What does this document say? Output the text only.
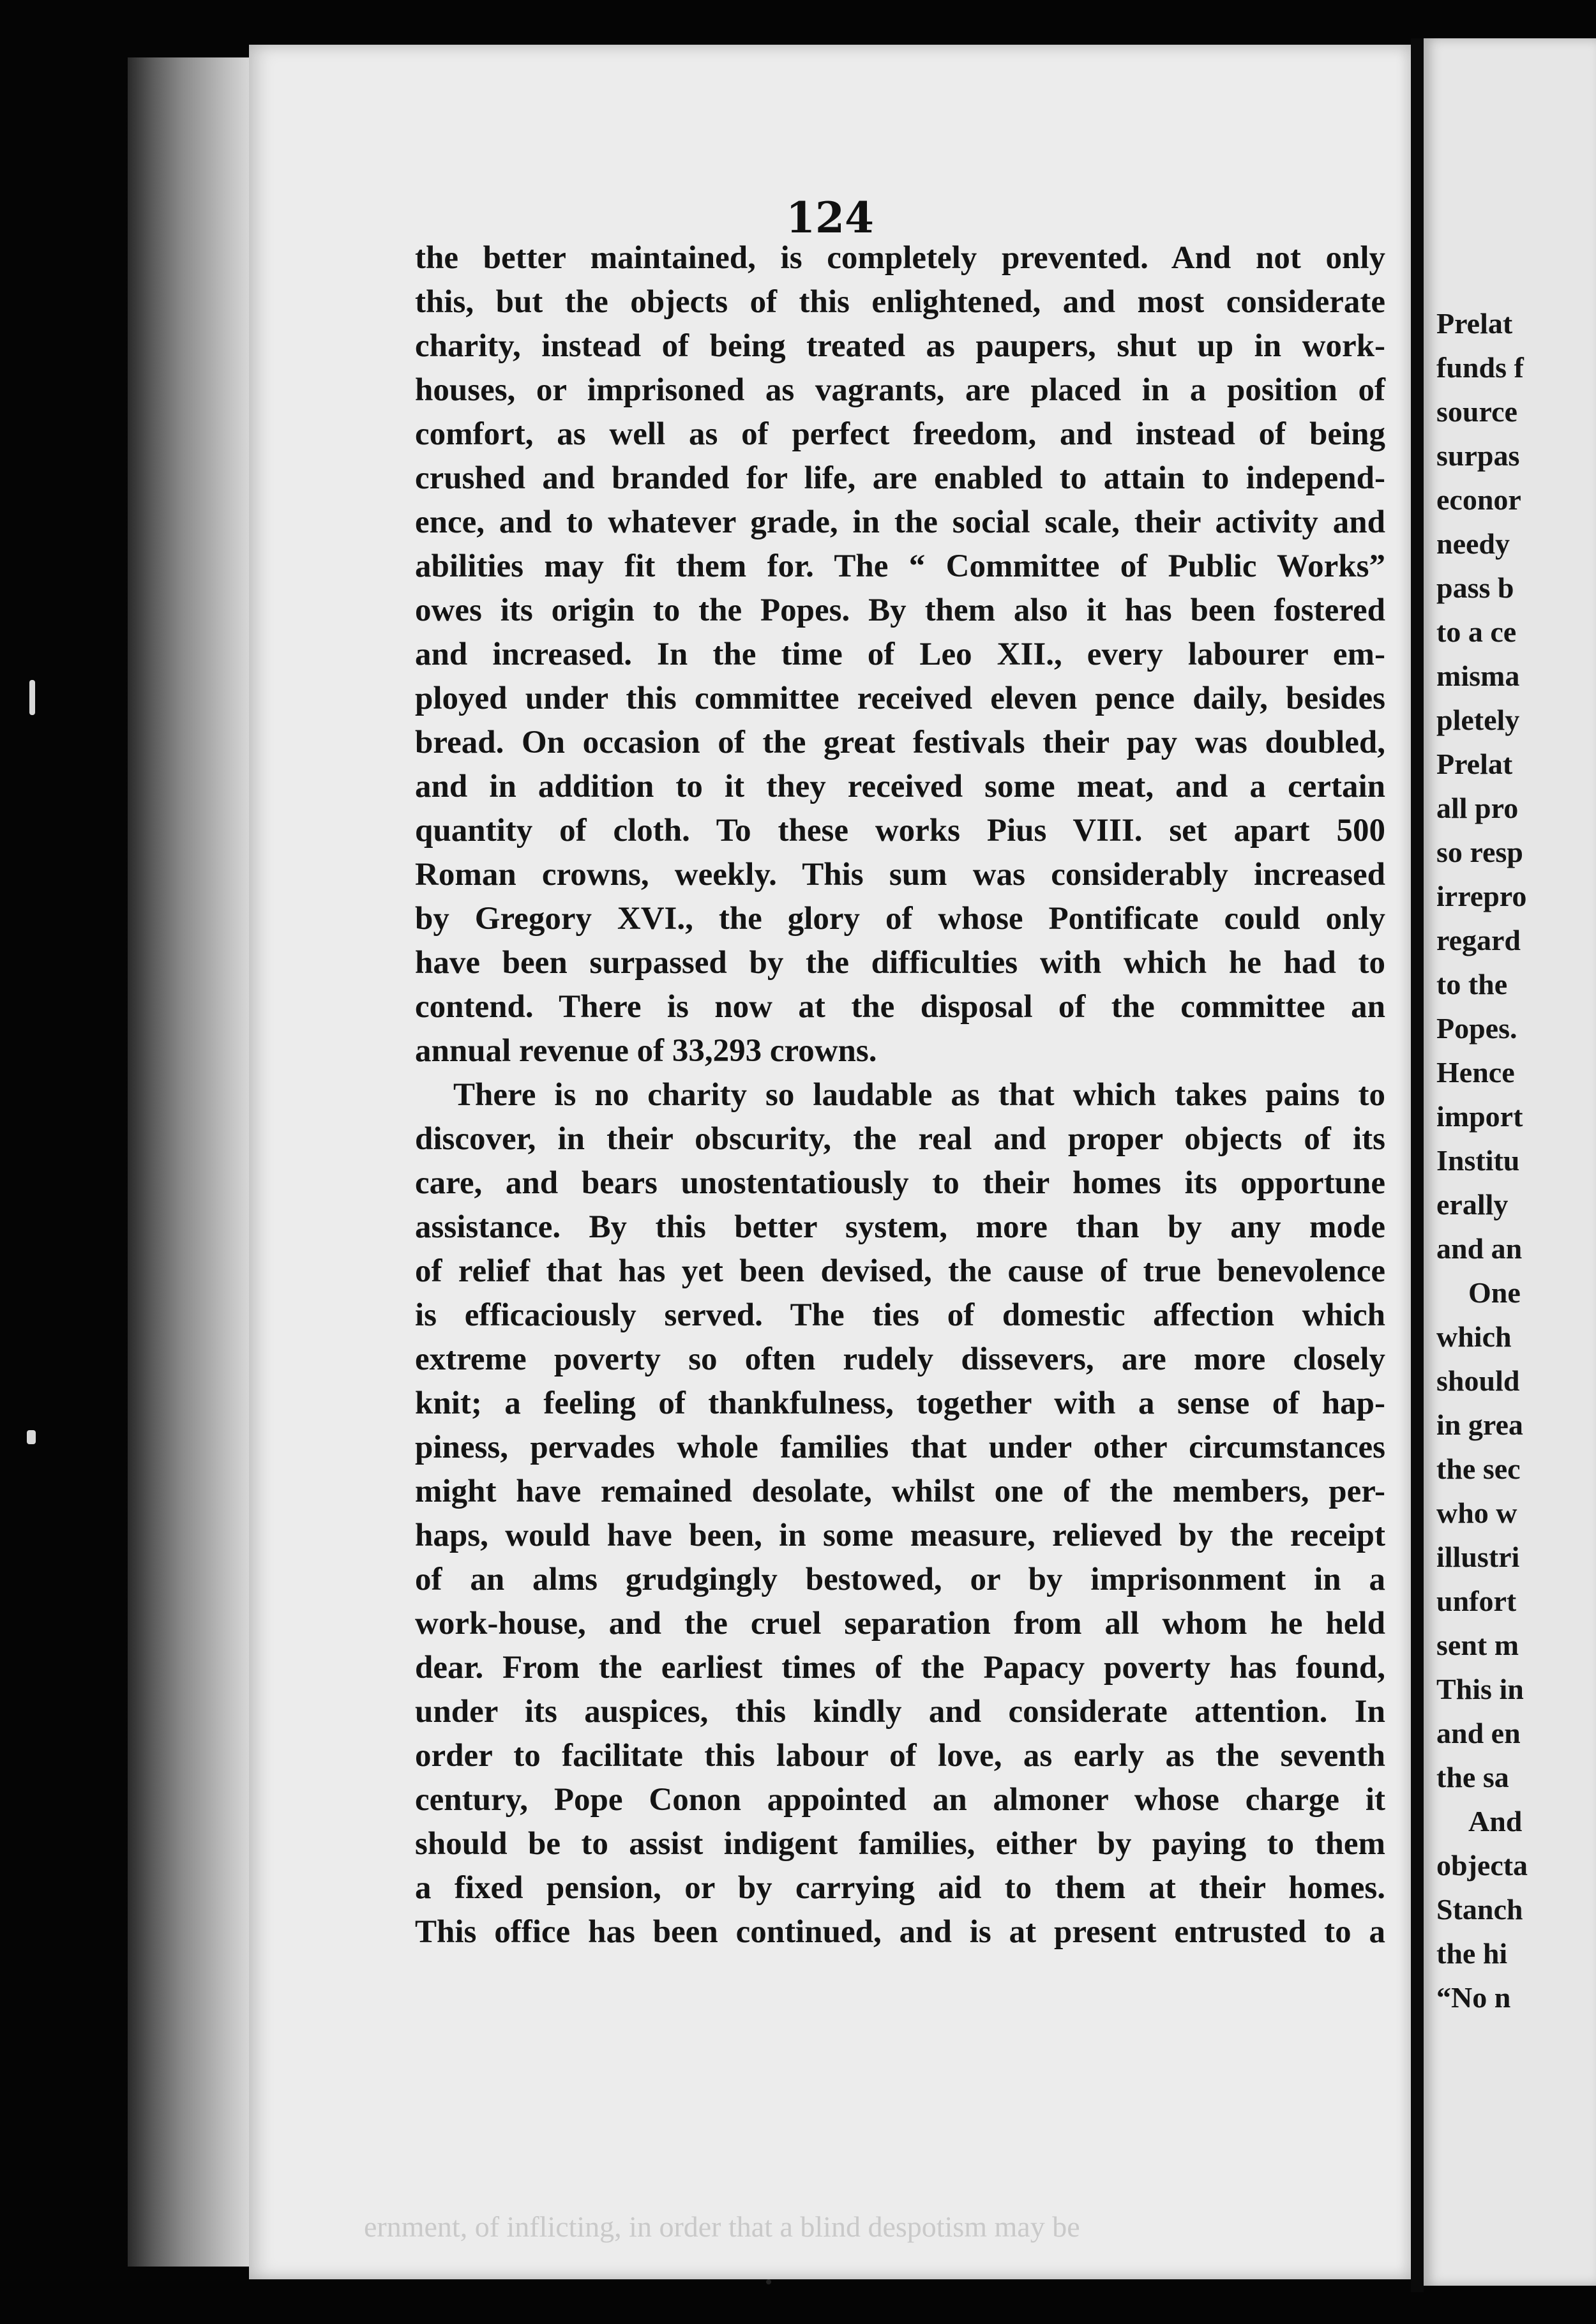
124
the better maintained, is completely prevented. And not only
this, but the objects of this enlightened, and most considerate
charity, instead of being treated as paupers, shut up in work-
houses, or imprisoned as vagrants, are placed in a position of
comfort, as well as of perfect freedom, and instead of being
crushed and branded for life, are enabled to attain to independ-
ence, and to whatever grade, in the social scale, their activity and
abilities may fit them for. The “ Committee of Public Works”
owes its origin to the Popes. By them also it has been fostered
and increased. In the time of Leo XII., every labourer em-
ployed under this committee received eleven pence daily, besides
bread. On occasion of the great festivals their pay was doubled,
and in addition to it they received some meat, and a certain
quantity of cloth. To these works Pius VIII. set apart 500
Roman crowns, weekly. This sum was considerably increased
by Gregory XVI., the glory of whose Pontificate could only
have been surpassed by the difficulties with which he had to
contend. There is now at the disposal of the committee an
annual revenue of 33,293 crowns.
There is no charity so laudable as that which takes pains to
discover, in their obscurity, the real and proper objects of its
care, and bears unostentatiously to their homes its opportune
assistance. By this better system, more than by any mode
of relief that has yet been devised, the cause of true benevolence
is efficaciously served. The ties of domestic affection which
extreme poverty so often rudely dissevers, are more closely
knit; a feeling of thankfulness, together with a sense of hap-
piness, pervades whole families that under other circumstances
might have remained desolate, whilst one of the members, per-
haps, would have been, in some measure, relieved by the receipt
of an alms grudgingly bestowed, or by imprisonment in a
work-house, and the cruel separation from all whom he held
dear. From the earliest times of the Papacy poverty has found,
under its auspices, this kindly and considerate attention. In
order to facilitate this labour of love, as early as the seventh
century, Pope Conon appointed an almoner whose charge it
should be to assist indigent families, either by paying to them
a fixed pension, or by carrying aid to them at their homes.
This office has been continued, and is at present entrusted to a
ernment, of inflicting, in order that a blind despotism may be
Prelat
funds f
source
surpas
econor
needy
pass b
to a ce
misma
pletely
Prelat
all pro
so resp
irrepro
regard
to the
Popes.
Hence
import
Institu
erally
and an
One
which
should
in grea
the sec
who w
illustri
unfort
sent m
This in
and en
the sa
And
objecta
Stanch
the hi
“No n
